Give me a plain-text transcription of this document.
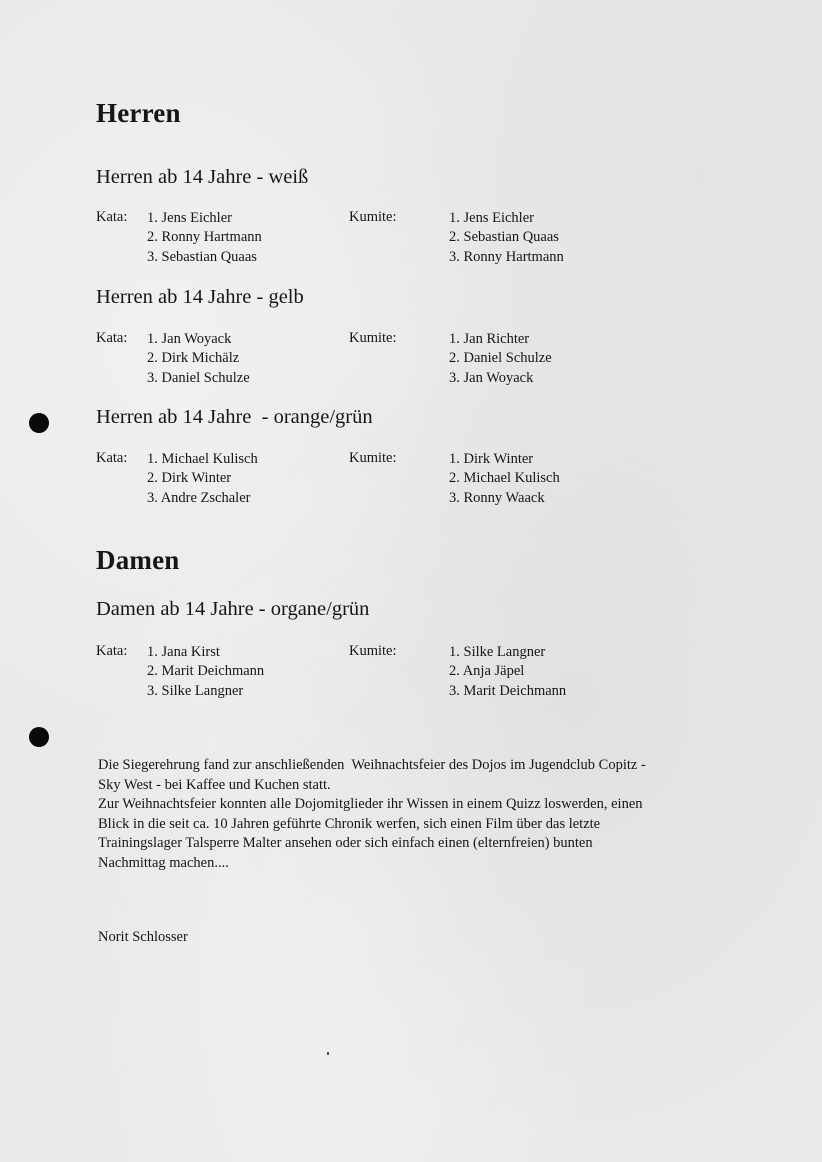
Herren
Herren ab 14 Jahre - weiß
Kata: 1. Jens Eichler
2. Ronny Hartmann
3. Sebastian Quaas
Kumite:	1. Jens Eichler
2. Sebastian Quaas
3. Ronny Hartmann
Herren ab 14 Jahre - gelb
Kata: 1. Jan Woyack
2. Dirk Michälz
3. Daniel Schulze
Kumite:	1. Jan Richter
2. Daniel Schulze
3. Jan Woyack
Herren ab 14 Jahre  - orange/grün
Kata: 1. Michael Kulisch
2. Dirk Winter
3. Andre Zschaler
Kumite:	1. Dirk Winter
2. Michael Kulisch
3. Ronny Waack
Damen
Damen ab 14 Jahre - organe/grün
Kata: 1. Jana Kirst
2. Marit Deichmann
3. Silke Langner
Kumite:	1. Silke Langner
2. Anja Jäpel
3. Marit Deichmann
Die Siegerehrung fand zur anschließenden  Weihnachtsfeier des Dojos im Jugendclub Copitz -
Sky West - bei Kaffee und Kuchen statt.
Zur Weihnachtsfeier konnten alle Dojomitglieder ihr Wissen in einem Quizz loswerden, einen
Blick in die seit ca. 10 Jahren geführte Chronik werfen, sich einen Film über das letzte
Trainingslager Talsperre Malter ansehen oder sich einfach einen (elternfreien) bunten
Nachmittag machen....
Norit Schlosser
